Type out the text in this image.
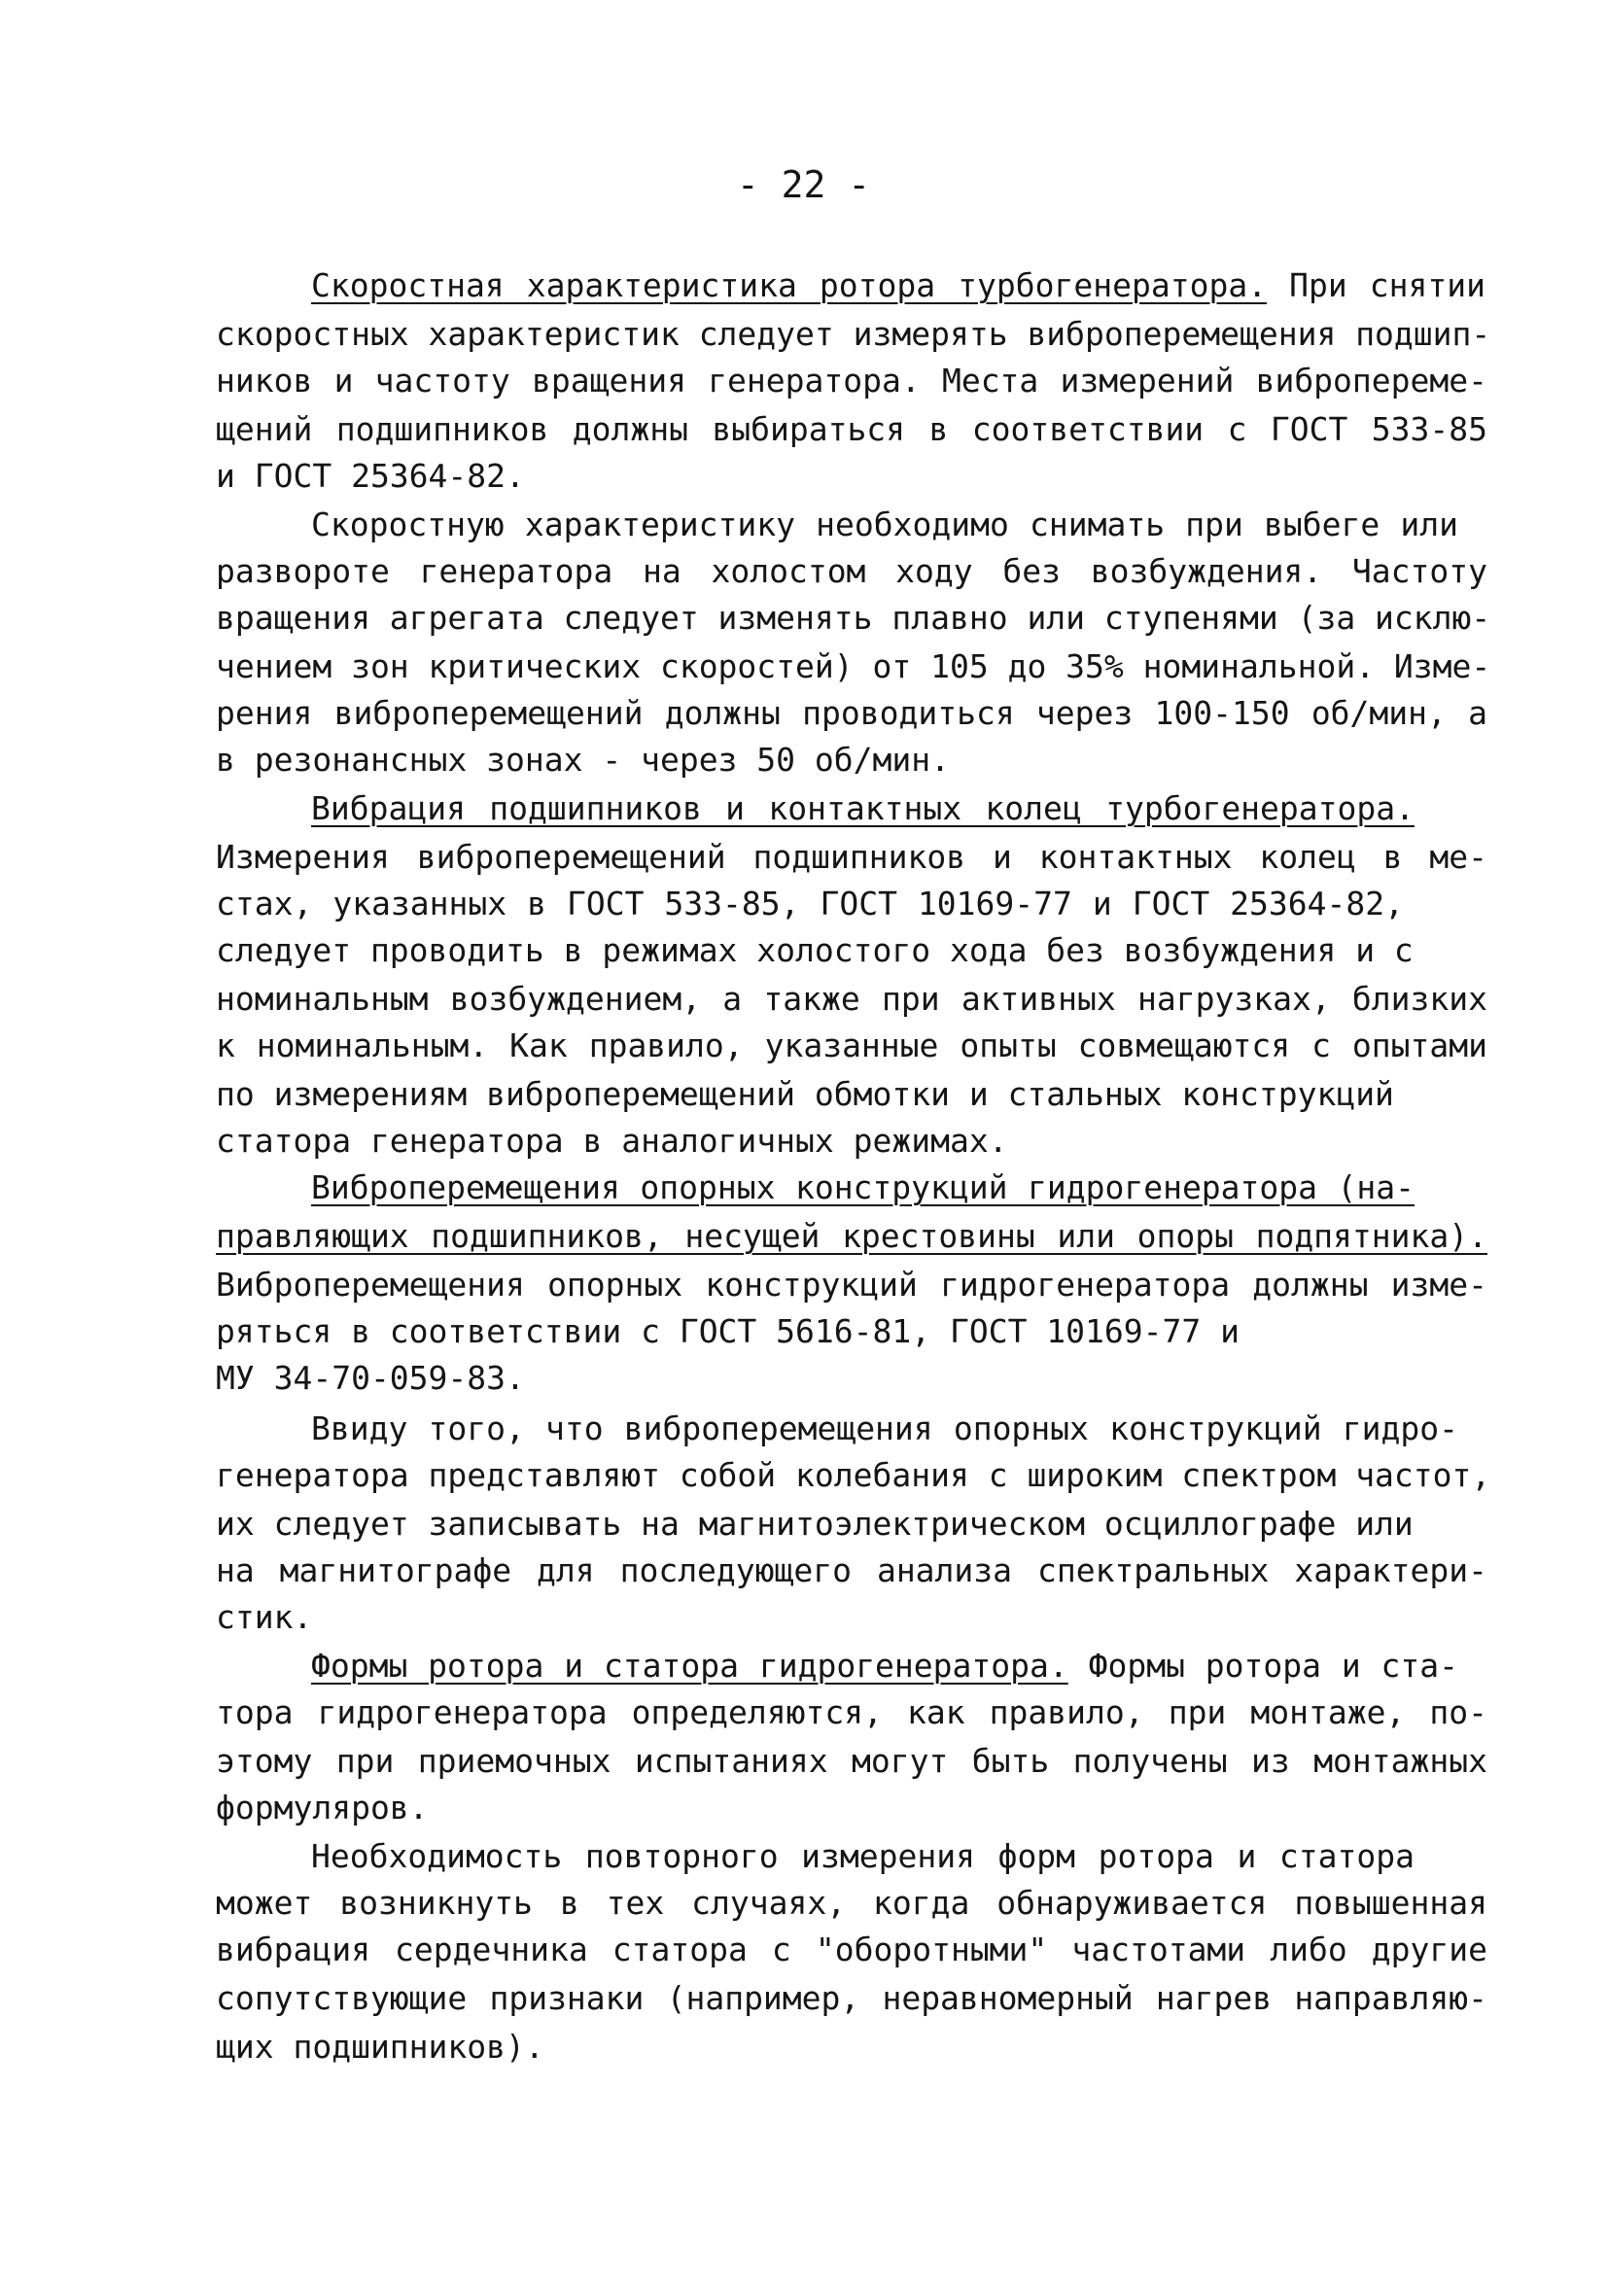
- 22 -
Скоростная характеристика ротора турбогенератора. При снятии
скоростных характеристик следует измерять виброперемещения подшип-
ников и частоту вращения генератора. Места измерений виброперeме-
щений подшипников должны выбираться в соответствии с ГОСТ 533-85
и ГОСТ 25364-82.
Скоростную характеристику необходимо снимать при выбеге или
развороте генератора на холостом ходу без возбуждения. Частоту
вращения агрегата следует изменять плавно или ступенями (за исклю-
чением зон критических скоростей) от 105 до 35% номинальной. Изме-
рения виброперемещений должны проводиться через 100-150 об/мин, а
в резонансных зонах - через 50 об/мин.
Вибрация подшипников и контактных колец турбогенератора.
Измерения виброперемещений подшипников и контактных колец в ме-
стах, указанных в ГОСТ 533-85, ГОСТ 10169-77 и ГОСТ 25364-82,
следует проводить в режимах холостого хода без возбуждения и с
номинальным возбуждением, а также при активных нагрузках, близких
к номинальным. Как правило, указанные опыты совмещаются с опытами
по измерениям виброперемещений обмотки и стальных конструкций
статора генератора в аналогичных режимах.
Виброперемещения опорных конструкций гидрогенератора (на-
правляющих подшипников, несущей крестовины или опоры подпятника).
Виброперемещения опорных конструкций гидрогенератора должны изме-
ряться в соответствии с ГОСТ 5616-81, ГОСТ 10169-77 и
МУ 34-70-059-83.
Ввиду того, что виброперемещения опорных конструкций гидро-
генератора представляют собой колебания с широким спектром частот,
их следует записывать на магнитоэлектрическом осциллографе или
на магнитографе для последующего анализа спектральных характери-
стик.
Формы ротора и статора гидрогенератора. Формы ротора и ста-
тора гидрогенератора определяются, как правило, при монтаже, по-
этому при приемочных испытаниях могут быть получены из монтажных
формуляров.
Необходимость повторного измерения форм ротора и статора
может возникнуть в тех случаях, когда обнаруживается повышенная
вибрация сердечника статора с "оборотными" частотами либо другие
сопутствующие признаки (например, неравномерный нагрев направляю-
щих подшипников).
